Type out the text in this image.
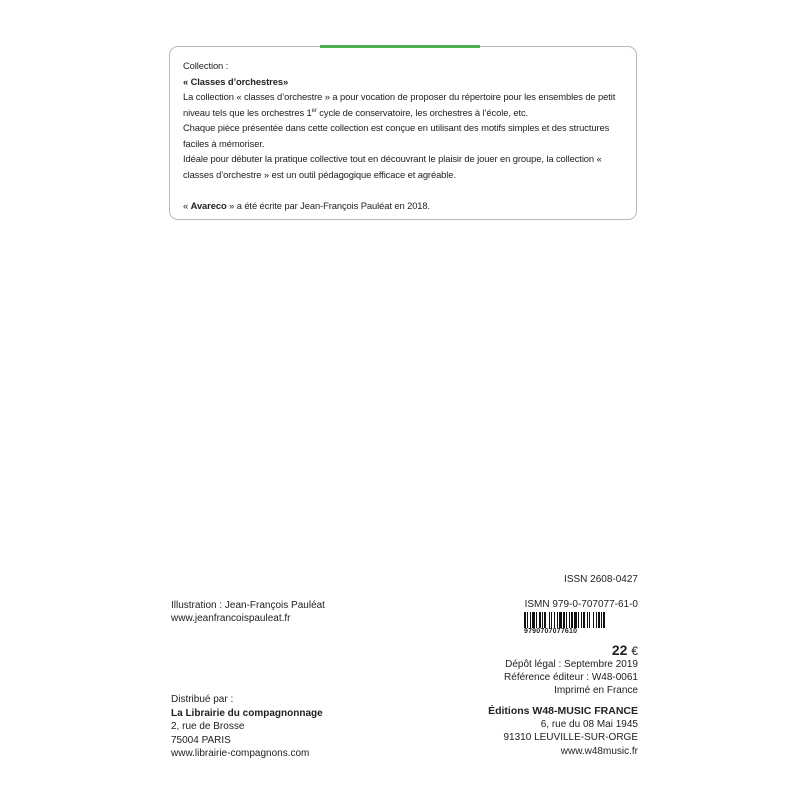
Collection :

« Classes d’orchestres»

La collection « classes d’orchestre » a pour vocation de proposer du répertoire pour les ensembles de petit niveau tels que les orchestres 1er cycle de conservatoire, les orchestres à l’école, etc.

Chaque pièce présentée dans cette collection est conçue en utilisant des motifs simples et des structures faciles à mémoriser.

Idéale pour débuter la pratique collective tout en découvrant le plaisir de jouer en groupe, la collection « classes d’orchestre » est un outil pédagogique efficace et agréable.

« Avareco » a été écrite par Jean-François Pauléat en 2018.

Illustration : Jean-François Pauléat
www.jeanfrancoispauleat.fr
Distribué par :
La Librairie du compagnonnage
2, rue de Brosse
75004 PARIS
www.librairie-compagnons.com
ISSN 2608-0427
ISMN 979-0-707077-61-0
9790707077610
22 €
Dépôt légal : Septembre 2019
Référence éditeur : W48-0061
Imprimé en France
Éditions W48-MUSIC FRANCE
6, rue du 08 Mai 1945
91310 LEUVILLE-SUR-ORGE
www.w48music.fr
